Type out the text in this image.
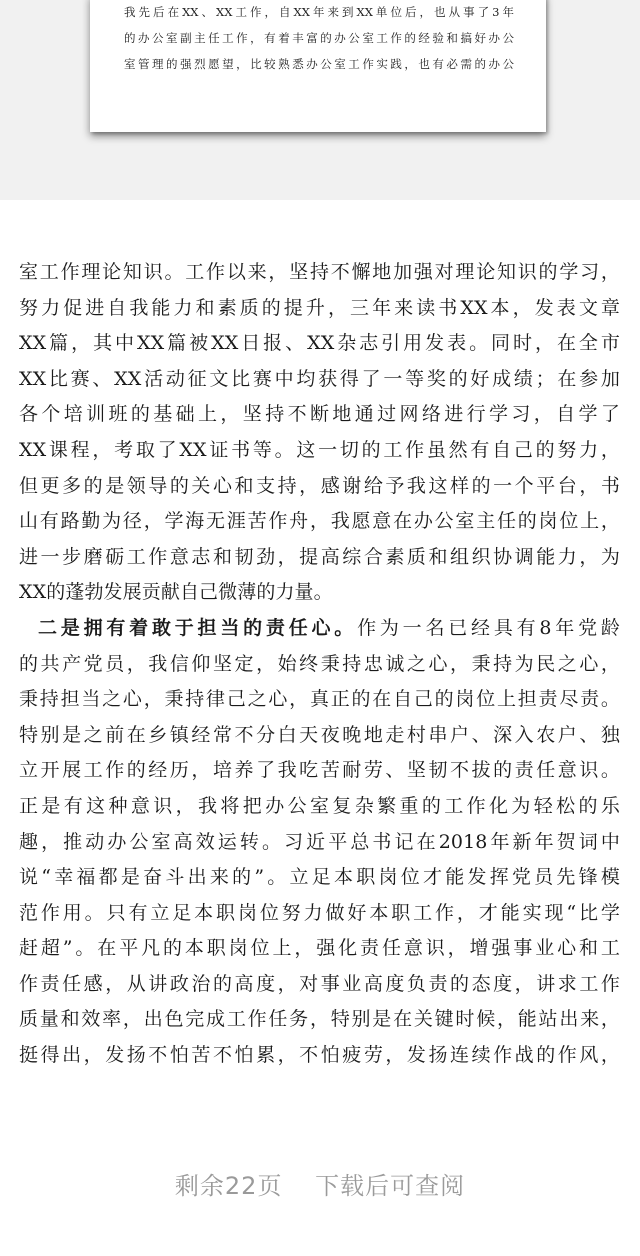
我先后在XX、XX工作，自XX年来到XX单位后，也从事了3年
的办公室副主任工作，有着丰富的办公室工作的经验和搞好办公
室管理的强烈愿望，比较熟悉办公室工作实践，也有必需的办公
室工作理论知识。工作以来，坚持不懈地加强对理论知识的学习，
努力促进自我能力和素质的提升，三年来读书XX本，发表文章
XX篇，其中XX篇被XX日报、XX杂志引用发表。同时，在全市
XX比赛、XX活动征文比赛中均获得了一等奖的好成绩；在参加
各个培训班的基础上，坚持不断地通过网络进行学习，自学了
XX课程，考取了XX证书等。这一切的工作虽然有自己的努力，
但更多的是领导的关心和支持，感谢给予我这样的一个平台，书
山有路勤为径，学海无涯苦作舟，我愿意在办公室主任的岗位上，
进一步磨砺工作意志和韧劲，提高综合素质和组织协调能力，为
XX的蓬勃发展贡献自己微薄的力量。
二是拥有着敢于担当的责任心。作为一名已经具有8年党龄
的共产党员，我信仰坚定，始终秉持忠诚之心，秉持为民之心，
秉持担当之心，秉持律己之心，真正的在自己的岗位上担责尽责。
特别是之前在乡镇经常不分白天夜晚地走村串户、深入农户、独
立开展工作的经历，培养了我吃苦耐劳、坚韧不拔的责任意识。
正是有这种意识，我将把办公室复杂繁重的工作化为轻松的乐
趣，推动办公室高效运转。习近平总书记在2018年新年贺词中
说“幸福都是奋斗出来的”。立足本职岗位才能发挥党员先锋模
范作用。只有立足本职岗位努力做好本职工作，才能实现“比学
赶超”。在平凡的本职岗位上，强化责任意识，增强事业心和工
作责任感，从讲政治的高度，对事业高度负责的态度，讲求工作
质量和效率，出色完成工作任务，特别是在关键时候，能站出来，
挺得出，发扬不怕苦不怕累，不怕疲劳，发扬连续作战的作风，
剩余22页 下载后可查阅
